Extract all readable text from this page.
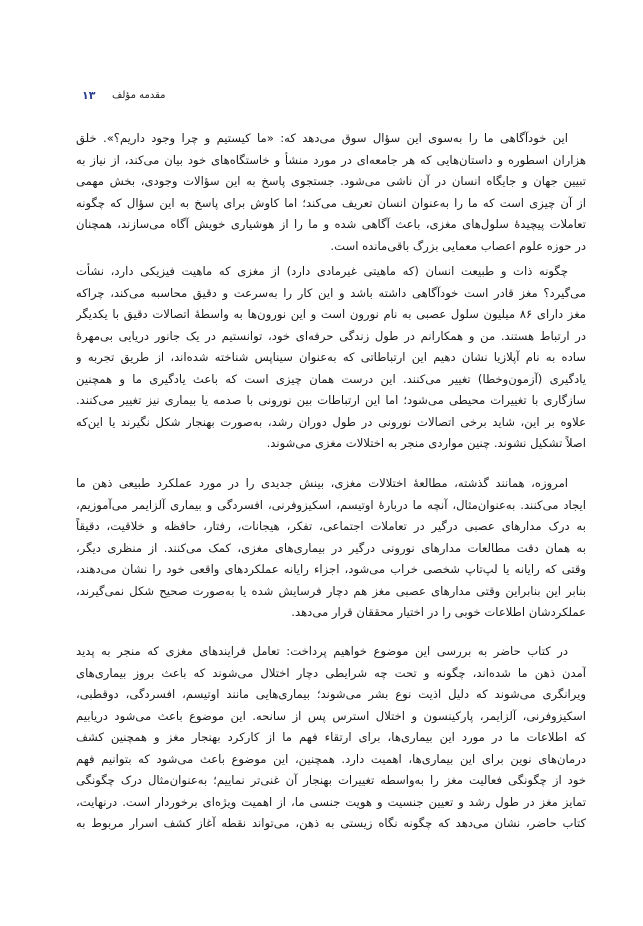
۱۳ مقدمه مؤلف
این خودآگاهی ما را به‌سوی این سؤال سوق می‌دهد که: «ما کیستیم و چرا وجود داریم؟». خلق
هزاران اسطوره و داستان‌هایی که هر جامعه‌ای در مورد منشأ و خاستگاه‌های خود بیان می‌کند، از نیاز به
تبیین جهان و جایگاه انسان در آن ناشی می‌شود. جستجوی پاسخ به این سؤالات وجودی، بخش مهمی
از آن چیزی است که ما را به‌عنوان انسان تعریف می‌کند؛ اما کاوش برای پاسخ به این سؤال که چگونه
تعاملات پیچیدهٔ سلول‌های مغزی، باعث آگاهی شده و ما را از هوشیاری خویش آگاه می‌سازند، همچنان
در حوزه علوم اعصاب معمایی بزرگ باقی‌مانده است.
چگونه ذات و طبیعت انسان (که ماهیتی غیرمادی دارد) از مغزی که ماهیت فیزیکی دارد، نشأت
می‌گیرد؟ مغز قادر است خودآگاهی داشته باشد و این کار را به‌سرعت و دقیق محاسبه می‌کند، چراکه
مغز دارای ۸۶ میلیون سلول عصبی به نام نورون است و این نورون‌ها به واسطهٔ اتصالات دقیق با یکدیگر
در ارتباط هستند. من و همکارانم در طول زندگی حرفه‌ای خود، توانستیم در یک جانور دریایی بی‌مهرهٔ
ساده به نام آپلازیا نشان دهیم این ارتباطاتی که به‌عنوان سیناپس شناخته شده‌اند، از طریق تجربه و
یادگیری (آزمون‌وخطا) تغییر می‌کنند. این درست همان چیزی است که باعث یادگیری ما و همچنین
سازگاری با تغییرات محیطی می‌شود؛ اما این ارتباطات بین نورونی با صدمه یا بیماری نیز تغییر می‌کنند.
علاوه بر این، شاید برخی اتصالات نورونی در طول دوران رشد، به‌صورت بهنجار شکل نگیرند یا این‌که
اصلاً تشکیل نشوند. چنین مواردی منجر به اختلالات مغزی می‌شوند.
امروزه، همانند گذشته، مطالعهٔ اختلالات مغزی، بینش جدیدی را در مورد عملکرد طبیعی ذهن ما
ایجاد می‌کنند. به‌عنوان‌مثال، آنچه ما دربارهٔ اوتیسم، اسکیزوفرنی، افسردگی و بیماری آلزایمر می‌آموزیم،
به درک مدارهای عصبی درگیر در تعاملات اجتماعی، تفکر، هیجانات، رفتار، حافظه و خلاقیت، دقیقاً
به همان دقت مطالعات مدارهای نورونی درگیر در بیماری‌های مغزی، کمک می‌کنند. از منظری دیگر،
وقتی که رایانه یا لپ‌تاپ شخصی خراب می‌شود، اجزاء رایانه عملکردهای واقعی خود را نشان می‌دهند،
بنابر این بنابراین وقتی مدارهای عصبی مغز هم دچار فرسایش شده یا به‌صورت صحیح شکل نمی‌گیرند،
عملکردشان اطلاعات خوبی را در اختیار محققان قرار می‌دهد.
در کتاب حاضر به بررسی این موضوع خواهیم پرداخت: تعامل فرایندهای مغزی که منجر به پدید
آمدن ذهن ما شده‌اند، چگونه و تحت چه شرایطی دچار اختلال می‌شوند که باعث بروز بیماری‌های
ویرانگری می‌شوند که دلیل اذیت نوع بشر می‌شوند؛ بیماری‌هایی مانند اوتیسم، افسردگی، دوقطبی،
اسکیزوفرنی، آلزایمر، پارکینسون و اختلال استرس پس از سانحه. این موضوع باعث می‌شود دریابیم
که اطلاعات ما در مورد این بیماری‌ها، برای ارتقاء فهم ما از کارکرد بهنجار مغز و همچنین کشف
درمان‌های نوین برای این بیماری‌ها، اهمیت دارد. همچنین، این موضوع باعث می‌شود که بتوانیم فهم
خود از چگونگی فعالیت مغز را به‌واسطه تغییرات بهنجار آن غنی‌تر نماییم؛ به‌عنوان‌مثال درک چگونگی
تمایز مغز در طول رشد و تعیین جنسیت و هویت جنسی ما، از اهمیت ویژه‌ای برخوردار است. درنهایت،
کتاب حاضر، نشان می‌دهد که چگونه نگاه زیستی به ذهن، می‌تواند نقطه آغاز کشف اسرار مربوط به
